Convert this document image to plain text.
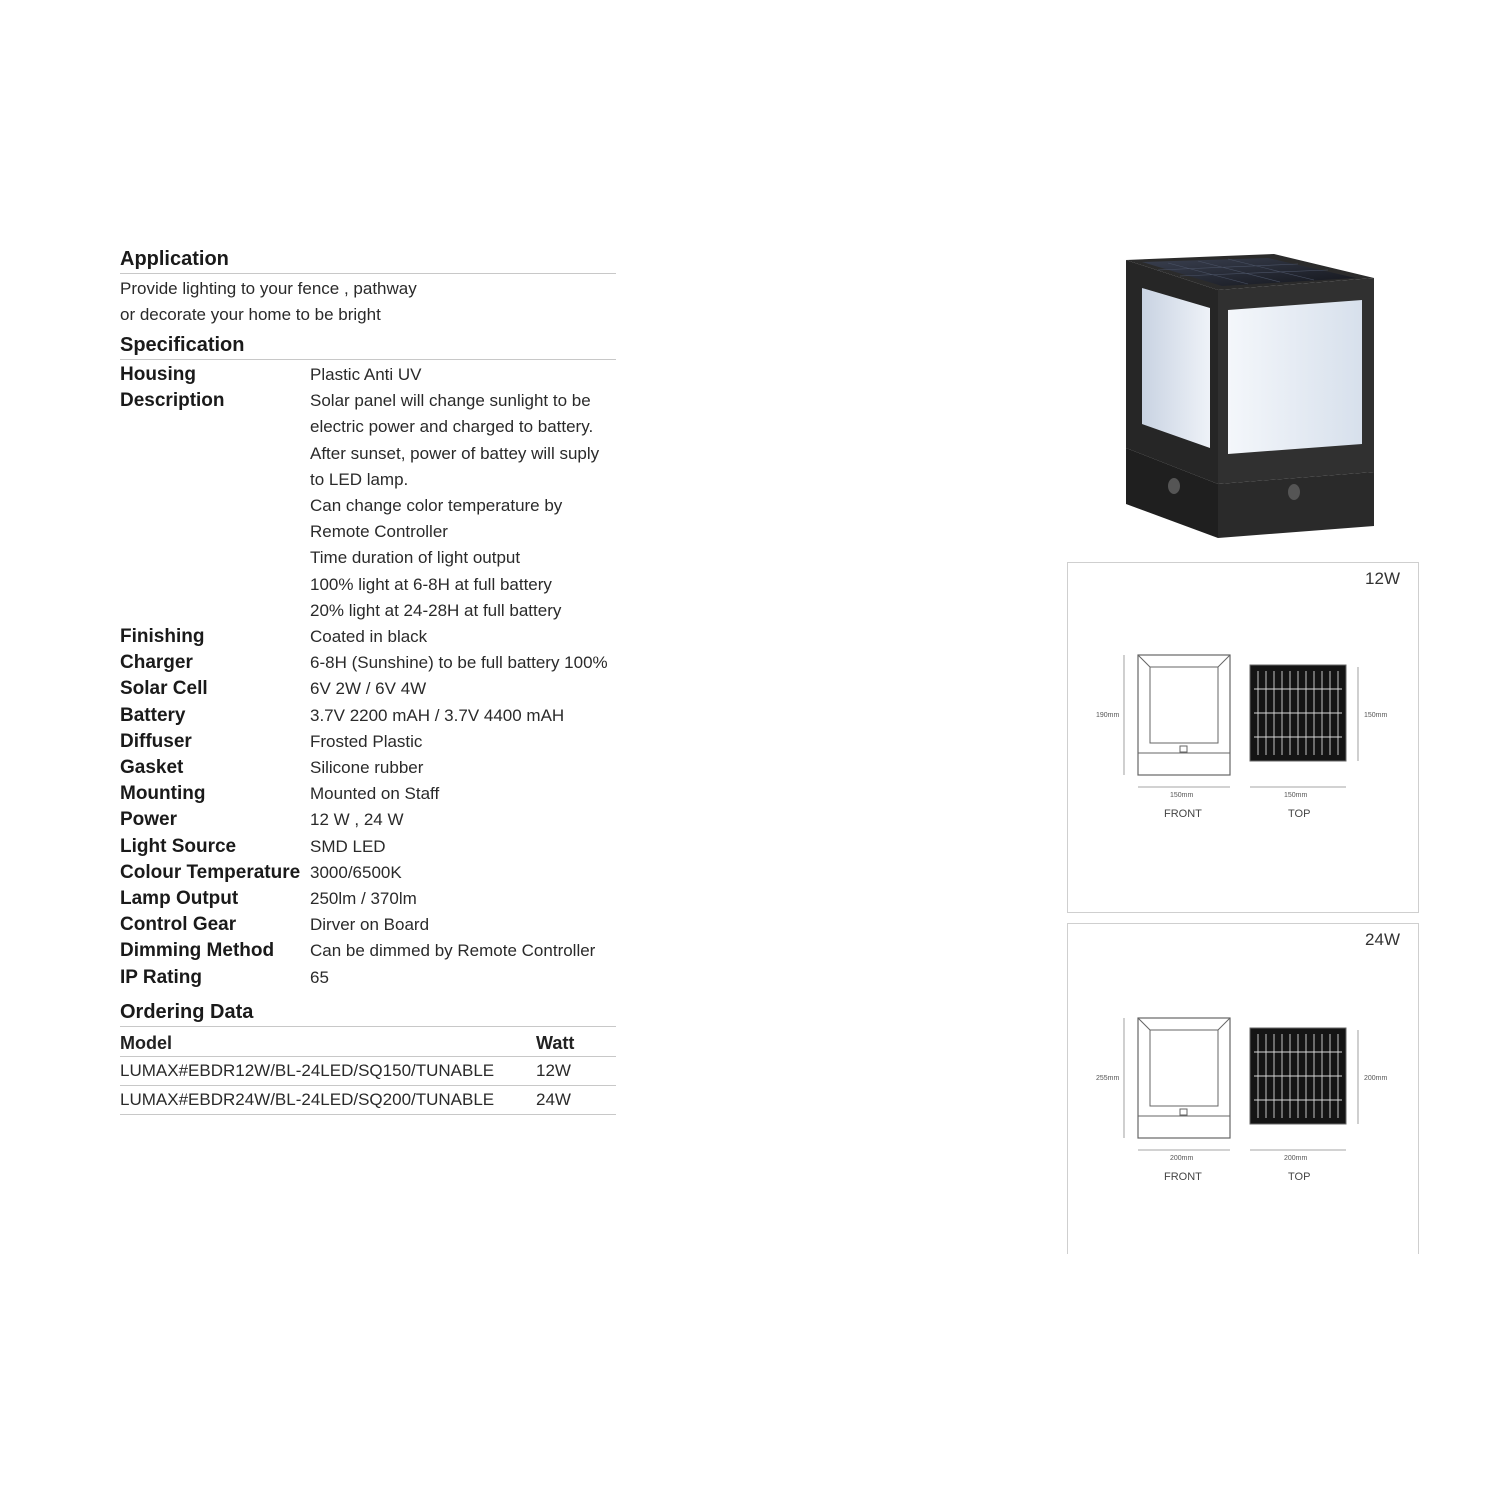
Application
Provide lighting to your fence , pathway
or decorate your home to be bright
Specification
Housing	Plastic Anti UV
Description	Solar panel will change sunlight to be
electric power and charged to battery.
After sunset, power of battey will suply
to LED lamp.
Can change color temperature by
Remote Controller
Time duration of light output
100% light at 6-8H at full battery
20% light at 24-28H at full battery
Finishing	Coated in black
Charger	6-8H (Sunshine) to be full battery 100%
Solar Cell	6V 2W / 6V 4W
Battery	3.7V 2200 mAH / 3.7V 4400 mAH
Diffuser	Frosted Plastic
Gasket	Silicone rubber
Mounting	Mounted on Staff
Power	12 W , 24 W
Light Source	SMD LED
Colour Temperature 3000/6500K
Lamp Output	250lm / 370lm
Control Gear	Dirver on Board
Dimming Method	Can be dimmed by Remote Controller
IP Rating	65
Ordering Data
Model	Watt
LUMAX#EBDR12W/BL-24LED/SQ150/TUNABLE	12W
LUMAX#EBDR24W/BL-24LED/SQ200/TUNABLE	24W
12W
190mm
150mm
FRONT
150mm
150mm
TOP
24W
255mm
200mm
FRONT
200mm
200mm
TOP
